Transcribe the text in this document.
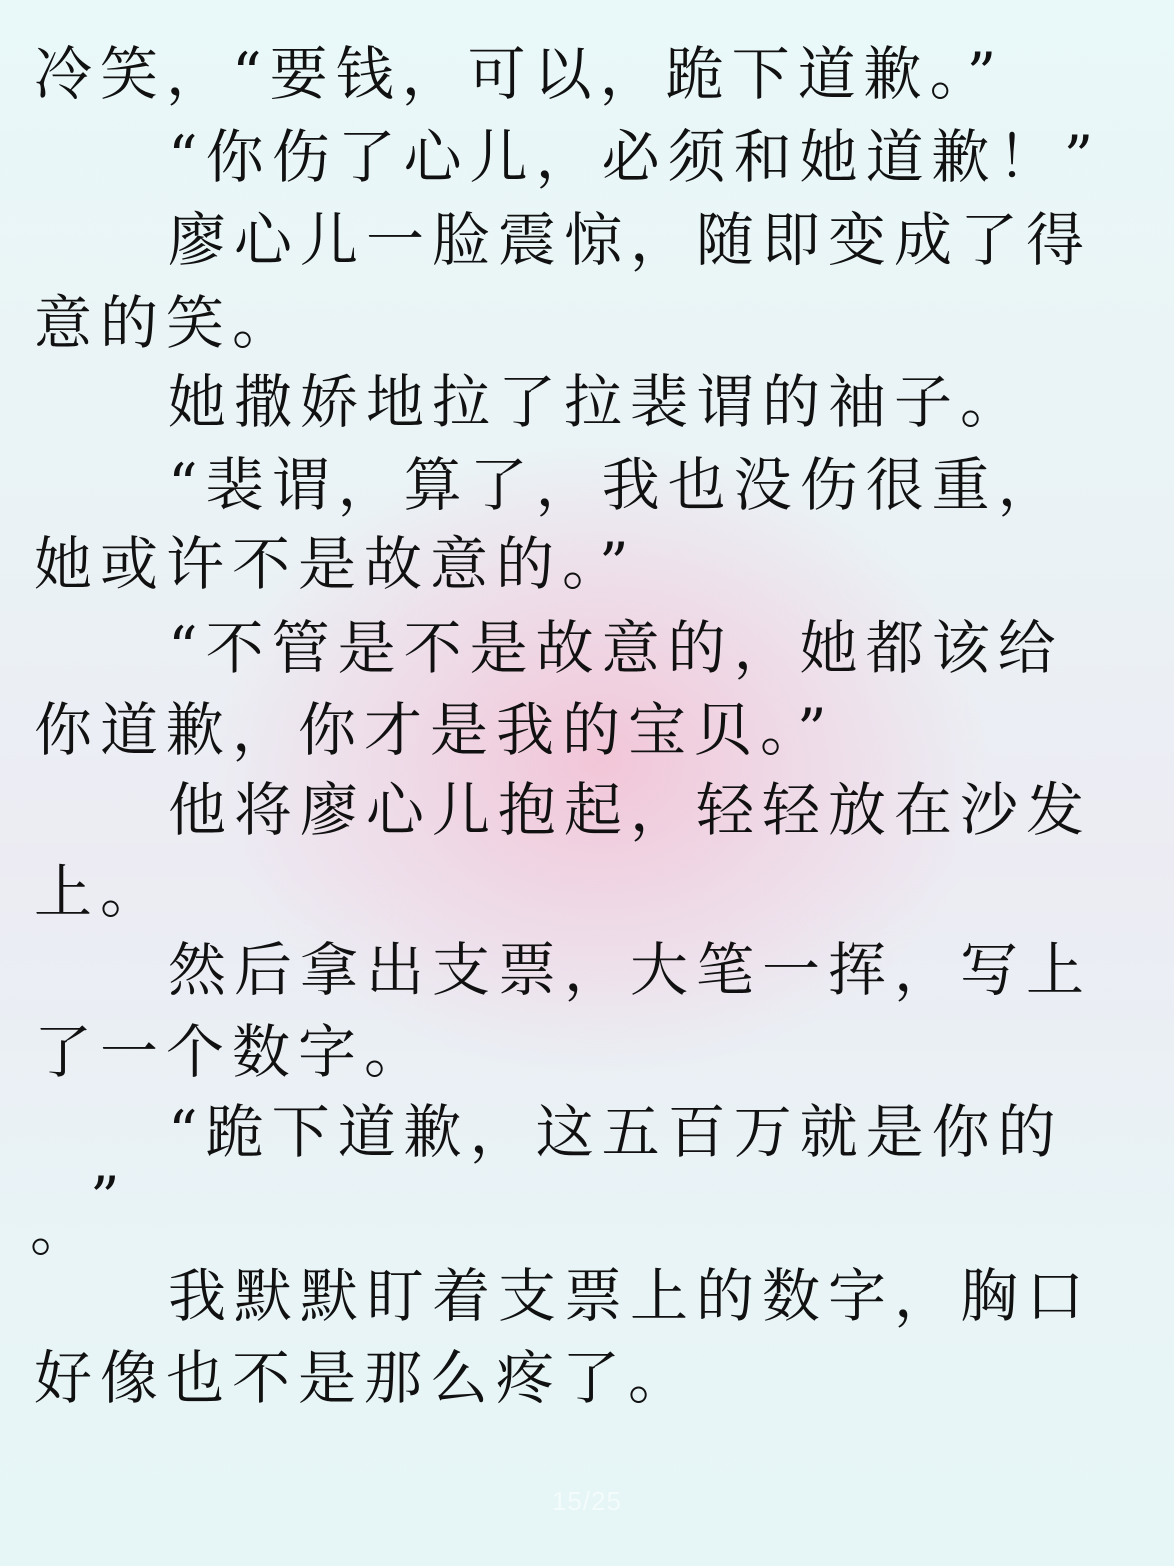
冷笑，“要钱，可以，跪下道歉。”
“你伤了心儿，必须和她道歉！”
廖心儿一脸震惊，随即变成了得
意的笑。
她撒娇地拉了拉裴谓的袖子。
“裴谓，算了，我也没伤很重，
她或许不是故意的。”
“不管是不是故意的，她都该给
你道歉，你才是我的宝贝。”
他将廖心儿抱起，轻轻放在沙发
上。
然后拿出支票，大笔一挥，写上
了一个数字。
“跪下道歉，这五百万就是你的
”
。
我默默盯着支票上的数字，胸口
好像也不是那么疼了。
15/25
